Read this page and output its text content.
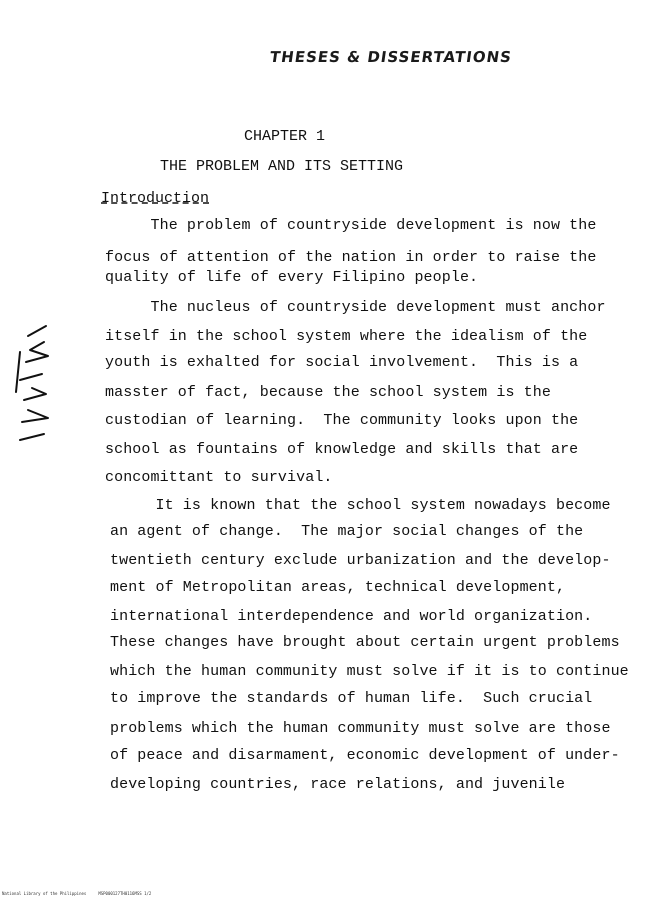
THESES & DISSERTATIONS
CHAPTER 1
THE PROBLEM AND ITS SETTING
Introduction
The problem of countryside development is now the
focus of attention of the nation in order to raise the
quality of life of every Filipino people.
The nucleus of countryside development must anchor
itself in the school system where the idealism of the
youth is exhalted for social involvement.  This is a
masster of fact, because the school system is the
custodian of learning.  The community looks upon the
school as fountains of knowledge and skills that are
concomittant to survival.
It is known that the school system nowadays become
an agent of change.  The major social changes of the
twentieth century exclude urbanization and the develop-
ment of Metropolitan areas, technical development,
international interdependence and world organization.
These changes have brought about certain urgent problems
which the human community must solve if it is to continue
to improve the standards of human life.  Such crucial
problems which the human community must solve are those
of peace and disarmament, economic development of under-
developing countries, race relations, and juvenile
National Library of the Philippines     MSP000127TH0116MSS 1/2
